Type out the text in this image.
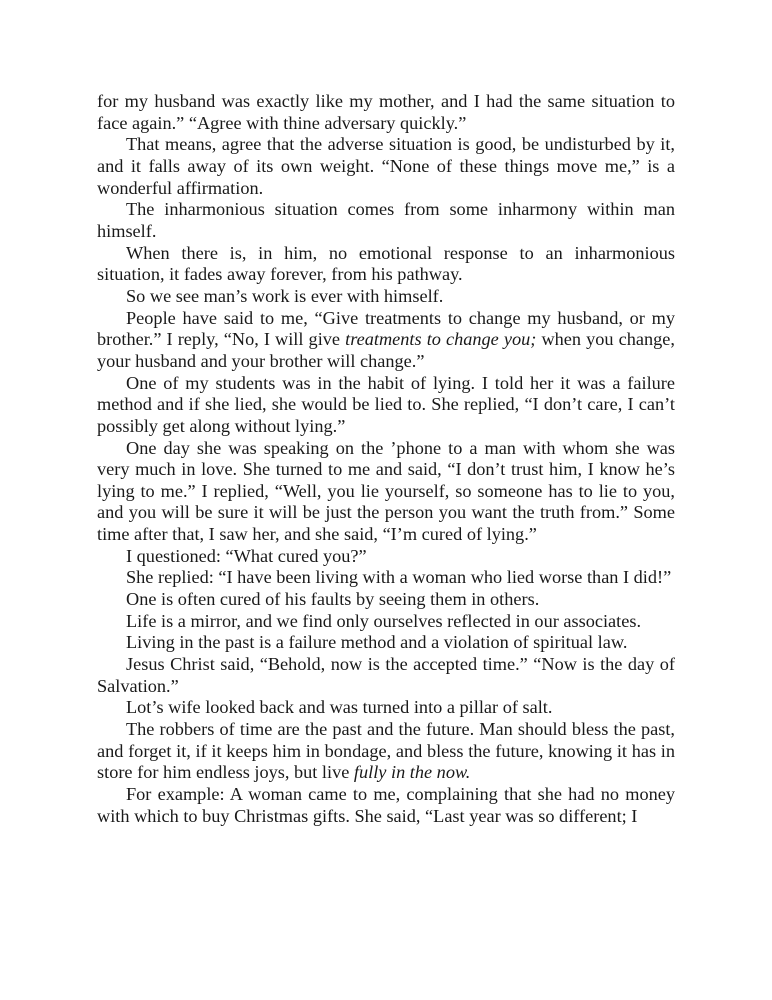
for my husband was exactly like my mother, and I had the same situation to face again.” “Agree with thine adversary quickly.”

That means, agree that the adverse situation is good, be undisturbed by it, and it falls away of its own weight. “None of these things move me,” is a wonderful affirmation.

The inharmonious situation comes from some inharmony within man himself.

When there is, in him, no emotional response to an inharmonious situation, it fades away forever, from his pathway.

So we see man’s work is ever with himself.

People have said to me, “Give treatments to change my husband, or my brother.” I reply, “No, I will give treatments to change you; when you change, your husband and your brother will change.”

One of my students was in the habit of lying. I told her it was a failure method and if she lied, she would be lied to. She replied, “I don’t care, I can’t possibly get along without lying.”

One day she was speaking on the ’phone to a man with whom she was very much in love. She turned to me and said, “I don’t trust him, I know he’s lying to me.” I replied, “Well, you lie yourself, so someone has to lie to you, and you will be sure it will be just the person you want the truth from.” Some time after that, I saw her, and she said, “I’m cured of lying.”

I questioned: “What cured you?”

She replied: “I have been living with a woman who lied worse than I did!”

One is often cured of his faults by seeing them in others.

Life is a mirror, and we find only ourselves reflected in our associates.

Living in the past is a failure method and a violation of spiritual law.

Jesus Christ said, “Behold, now is the accepted time.” “Now is the day of Salvation.”

Lot’s wife looked back and was turned into a pillar of salt.

The robbers of time are the past and the future. Man should bless the past, and forget it, if it keeps him in bondage, and bless the future, knowing it has in store for him endless joys, but live fully in the now.

For example: A woman came to me, complaining that she had no money with which to buy Christmas gifts. She said, “Last year was so different; I
